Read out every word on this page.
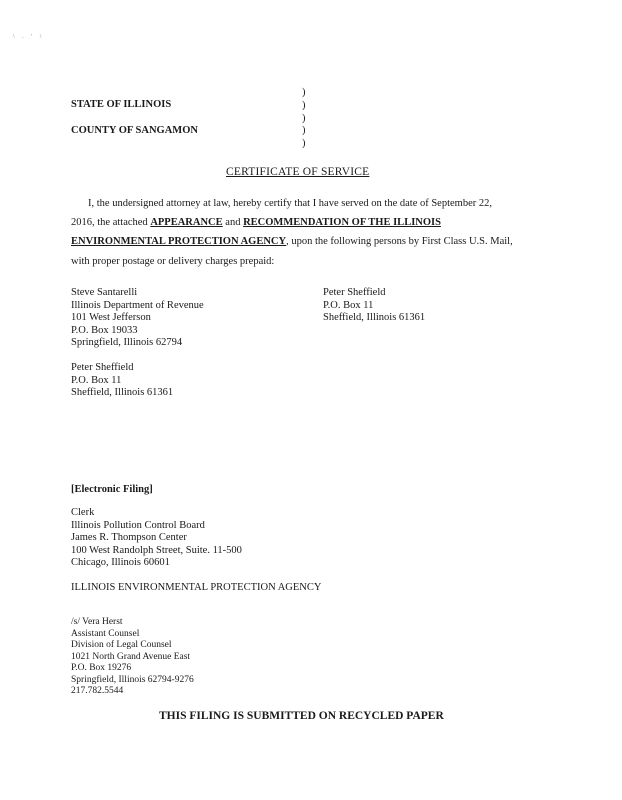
\ . ' \
STATE OF ILLINOIS
COUNTY OF SANGAMON
)
)
)
)
)
CERTIFICATE OF SERVICE
I, the undersigned attorney at law, hereby certify that I have served on the date of September 22,
2016, the attached APPEARANCE and RECOMMENDATION OF THE ILLINOIS
ENVIRONMENTAL PROTECTION AGENCY, upon the following persons by First Class U.S. Mail,
with proper postage or delivery charges prepaid:
Steve Santarelli
Illinois Department of Revenue
101 West Jefferson
P.O. Box 19033
Springfield, Illinois 62794
Peter Sheffield
P.O. Box 11
Sheffield, Illinois 61361
Peter Sheffield
P.O. Box 11
Sheffield, Illinois 61361
[Electronic Filing]
Clerk
Illinois Pollution Control Board
James R. Thompson Center
100 West Randolph Street, Suite. 11-500
Chicago, Illinois 60601
ILLINOIS ENVIRONMENTAL PROTECTION AGENCY
/s/ Vera Herst
Assistant Counsel
Division of Legal Counsel
1021 North Grand Avenue East
P.O. Box 19276
Springfield, Illinois 62794-9276
217.782.5544
THIS FILING IS SUBMITTED ON RECYCLED PAPER
